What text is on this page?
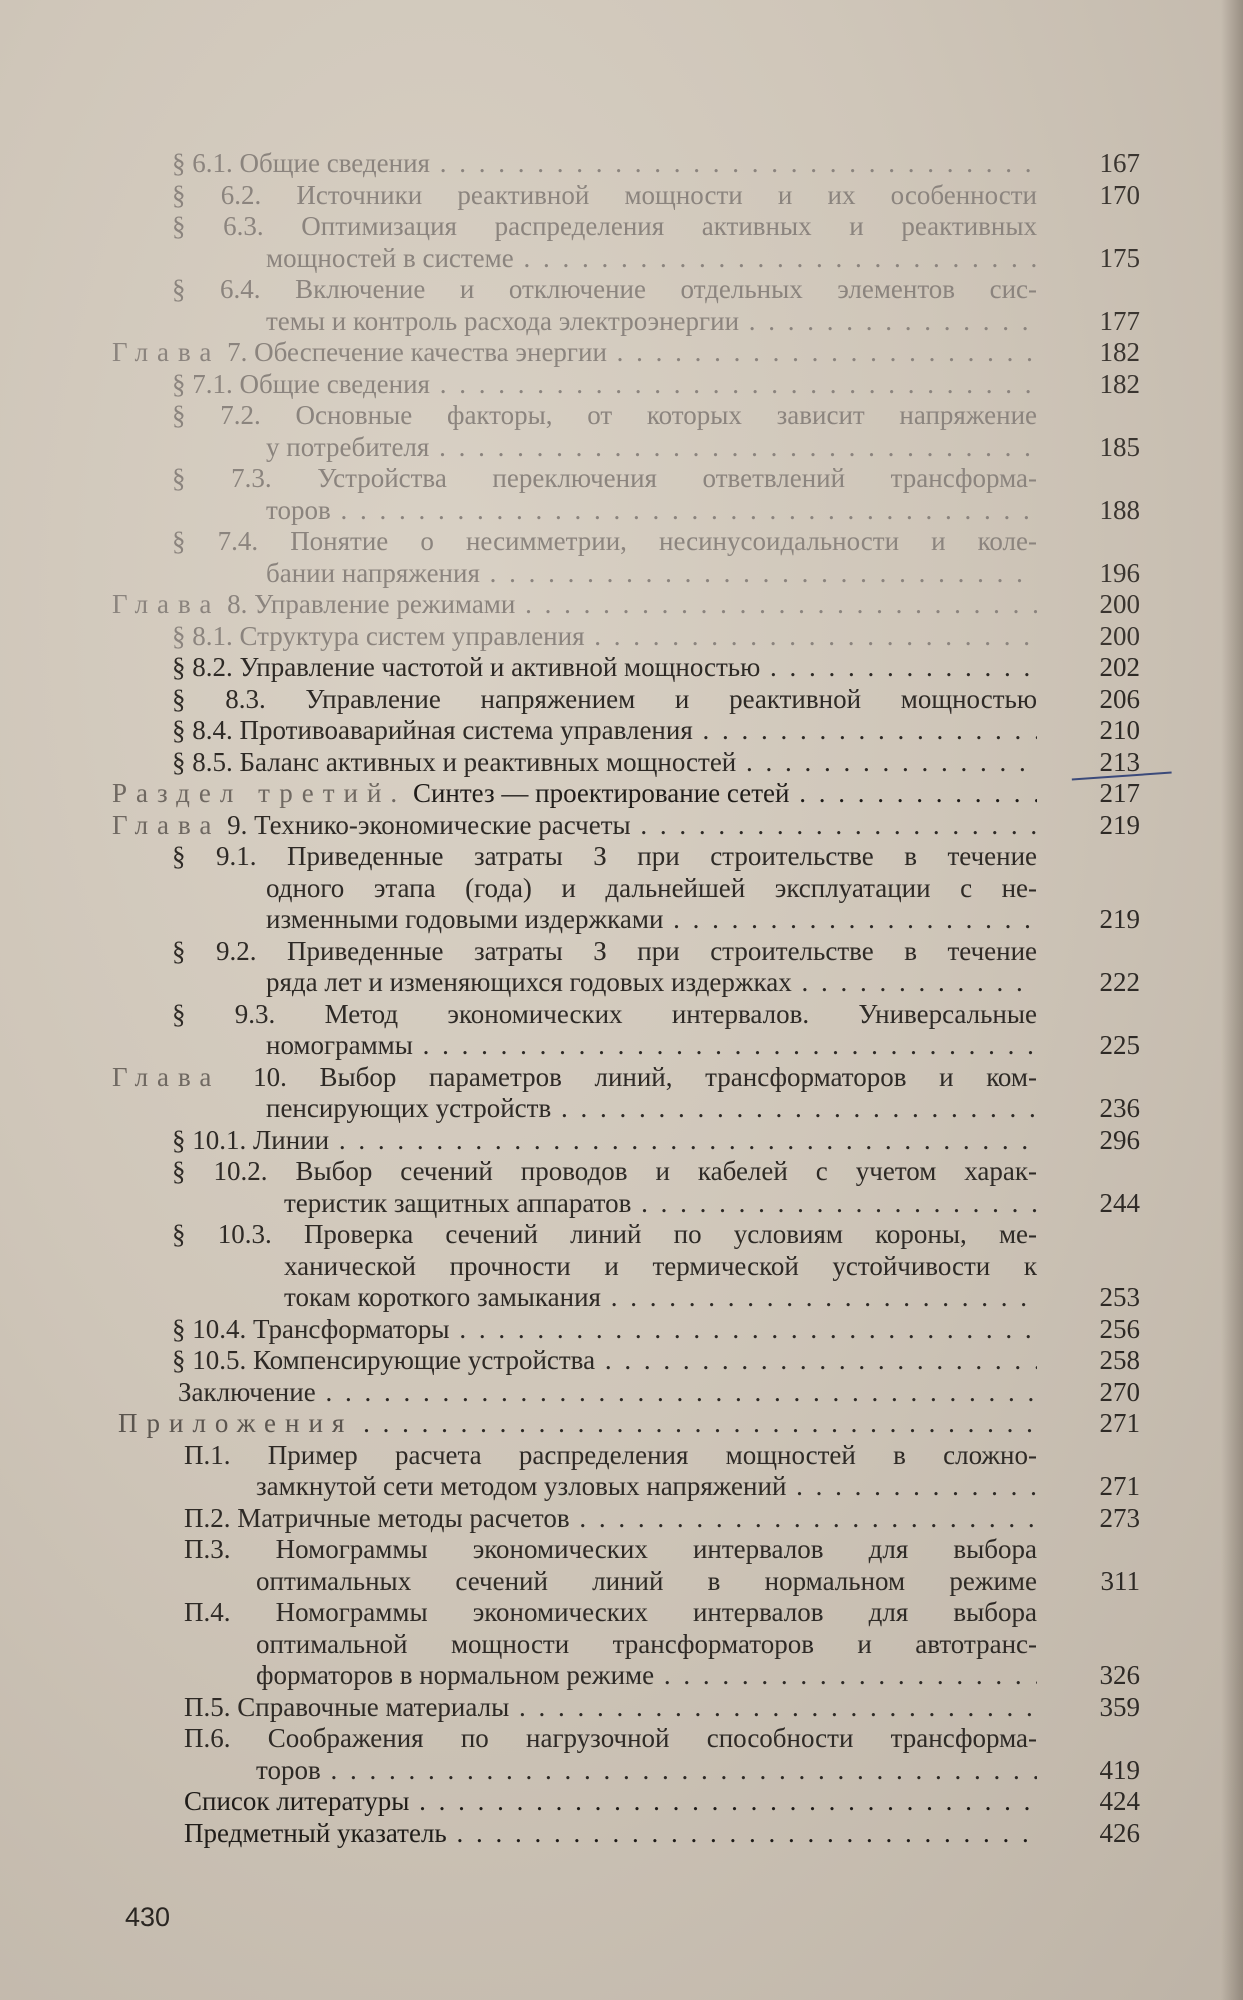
§ 6.1. Общие сведения . . .	167
§ 6.2. Источники реактивной мощности и их особенности	170
§ 6.3. Оптимизация распределения активных и реактивных
мощностей в системе . . .	175
§ 6.4. Включение и отключение отдельных элементов сис-
темы и контроль расхода электроэнергии . . .	177
Глава 7. Обеспечение качества энергии . . .	182
§ 7.1. Общие сведения . . .	182
§ 7.2. Основные факторы, от которых зависит напряжение
у потребителя . . .	185
§ 7.3. Устройства переключения ответвлений трансформа-
торов . . .	188
§ 7.4. Понятие о несимметрии, несинусоидальности и коле-
бании напряжения . . .	196
Глава 8. Управление режимами . . .	200
§ 8.1. Структура систем управления . . .	200
§ 8.2. Управление частотой и активной мощностью . . .	202
§ 8.3. Управление напряжением и реактивной мощностью	206
§ 8.4. Противоаварийная система управления . . .	210
§ 8.5. Баланс активных и реактивных мощностей . . .	213
Раздел третий. Синтез — проектирование сетей . . .	217
Глава 9. Технико-экономические расчеты . . .	219
§ 9.1. Приведенные затраты З при строительстве в течение
одного этапа (года) и дальнейшей эксплуатации с не-
изменными годовыми издержками . . .	219
§ 9.2. Приведенные затраты З при строительстве в течение
ряда лет и изменяющихся годовых издержках . . .	222
§ 9.3. Метод экономических интервалов. Универсальные
номограммы . . .	225
Глава 10. Выбор параметров линий, трансформаторов и ком-
пенсирующих устройств . . .	236
§ 10.1. Линии . . .	296
§ 10.2. Выбор сечений проводов и кабелей с учетом харак-
теристик защитных аппаратов . . .	244
§ 10.3. Проверка сечений линий по условиям короны, ме-
ханической прочности и термической устойчивости к
токам короткого замыкания . . .	253
§ 10.4. Трансформаторы . . .	256
§ 10.5. Компенсирующие устройства . . .	258
Заключение . . .	270
Приложения . . .	271
П.1. Пример расчета распределения мощностей в сложно-
замкнутой сети методом узловых напряжений . . .	271
П.2. Матричные методы расчетов . . .	273
П.3. Номограммы экономических интервалов для выбора
оптимальных сечений линий в нормальном режиме	311
П.4. Номограммы экономических интервалов для выбора
оптимальной мощности трансформаторов и автотранс-
форматоров в нормальном режиме . . .	326
П.5. Справочные материалы . . .	359
П.6. Соображения по нагрузочной способности трансформа-
торов . . .	419
Список литературы . . .	424
Предметный указатель . . .	426
430
